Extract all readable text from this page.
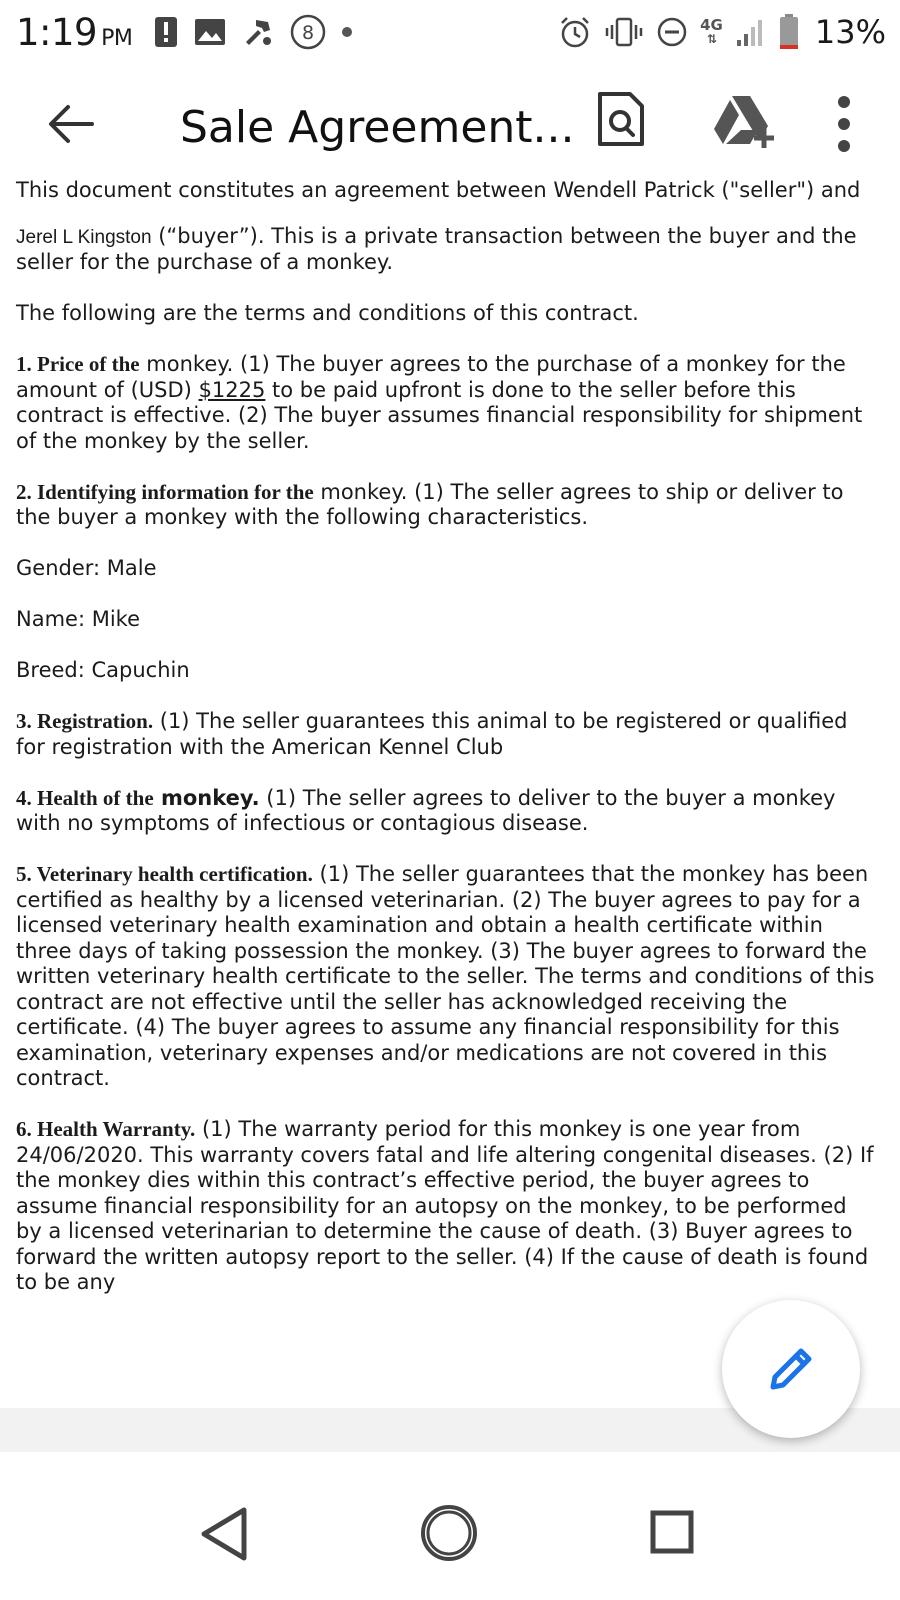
1:19 PM	8	4G
⇅	13%
Sale Agreement...

This document constitutes an agreement between Wendell Patrick ("seller") and

Jerel L Kingston (“buyer”). This is a private transaction between the buyer and the seller for the purchase of a monkey.

The following are the terms and conditions of this contract.

1. Price of the monkey. (1) The buyer agrees to the purchase of a monkey for the amount of (USD) $1225 to be paid upfront is done to the seller before this contract is effective. (2) The buyer assumes financial responsibility for shipment of the monkey by the seller.

2. Identifying information for the monkey. (1) The seller agrees to ship or deliver to the buyer a monkey with the following characteristics.

Gender: Male

Name: Mike

Breed: Capuchin

3. Registration. (1) The seller guarantees this animal to be registered or qualified for registration with the American Kennel Club

4. Health of the monkey. (1) The seller agrees to deliver to the buyer a monkey with no symptoms of infectious or contagious disease.

5. Veterinary health certification. (1) The seller guarantees that the monkey has been certified as healthy by a licensed veterinarian. (2) The buyer agrees to pay for a licensed veterinary health examination and obtain a health certificate within three days of taking possession the monkey. (3) The buyer agrees to forward the written veterinary health certificate to the seller. The terms and conditions of this contract are not effective until the seller has acknowledged receiving the certificate. (4) The buyer agrees to assume any financial responsibility for this examination, veterinary expenses and/or medications are not covered in this contract.

6. Health Warranty. (1) The warranty period for this monkey is one year from 24/06/2020. This warranty covers fatal and life altering congenital diseases. (2) If the monkey dies within this contract’s effective period, the buyer agrees to assume financial responsibility for an autopsy on the monkey, to be performed by a licensed veterinarian to determine the cause of death. (3) Buyer agrees to forward the written autopsy report to the seller. (4) If the cause of death is found to be any
